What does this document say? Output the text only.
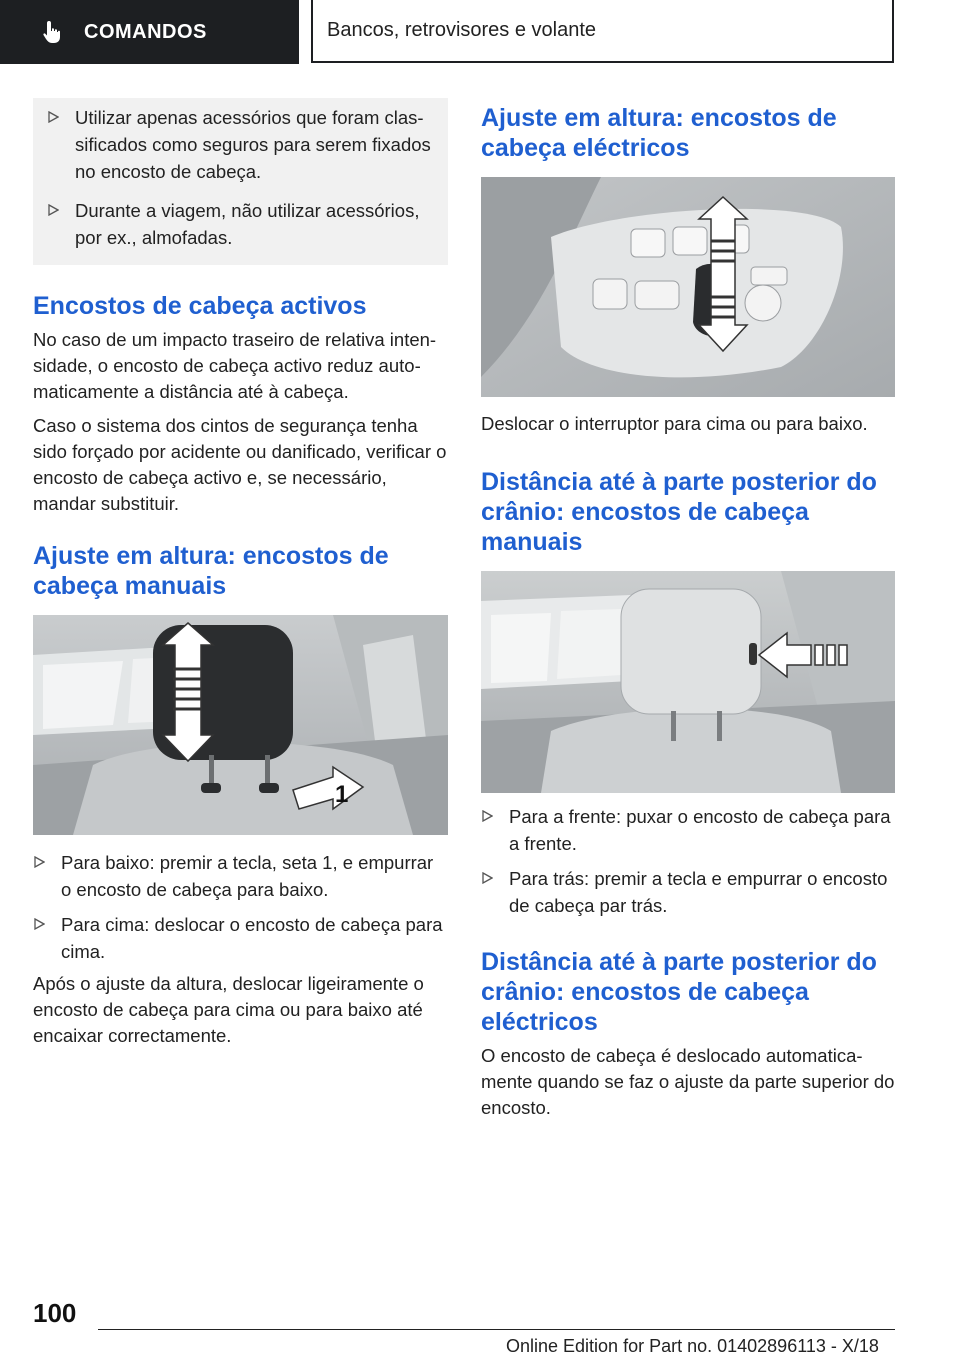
COMANDOS	Bancos, retrovisores e volante
Utilizar apenas acessórios que foram classificados como seguros para serem fixados no encosto de cabeça.
Durante a viagem, não utilizar acessórios, por ex., almofadas.
Encostos de cabeça activos

No caso de um impacto traseiro de relativa intensidade, o encosto de cabeça activo reduz automaticamente a distância até à cabeça.

Caso o sistema dos cintos de segurança tenha sido forçado por acidente ou danificado, verificar o encosto de cabeça activo e, se necessário, mandar substituir.

Ajuste em altura: encostos de cabeça manuais
1
Para baixo: premir a tecla, seta 1, e empurrar o encosto de cabeça para baixo.
Para cima: deslocar o encosto de cabeça para cima.

Após o ajuste da altura, deslocar ligeiramente o encosto de cabeça para cima ou para baixo até encaixar correctamente.

Ajuste em altura: encostos de cabeça eléctricos

Deslocar o interruptor para cima ou para baixo.

Distância até à parte posterior do crânio: encostos de cabeça manuais
Para a frente: puxar o encosto de cabeça para a frente.
Para trás: premir a tecla e empurrar o encosto de cabeça par trás.
Distância até à parte posterior do crânio: encostos de cabeça eléctricos

O encosto de cabeça é deslocado automaticamente quando se faz o ajuste da parte superior do encosto.

100
Online Edition for Part no. 01402896113 - X/18
